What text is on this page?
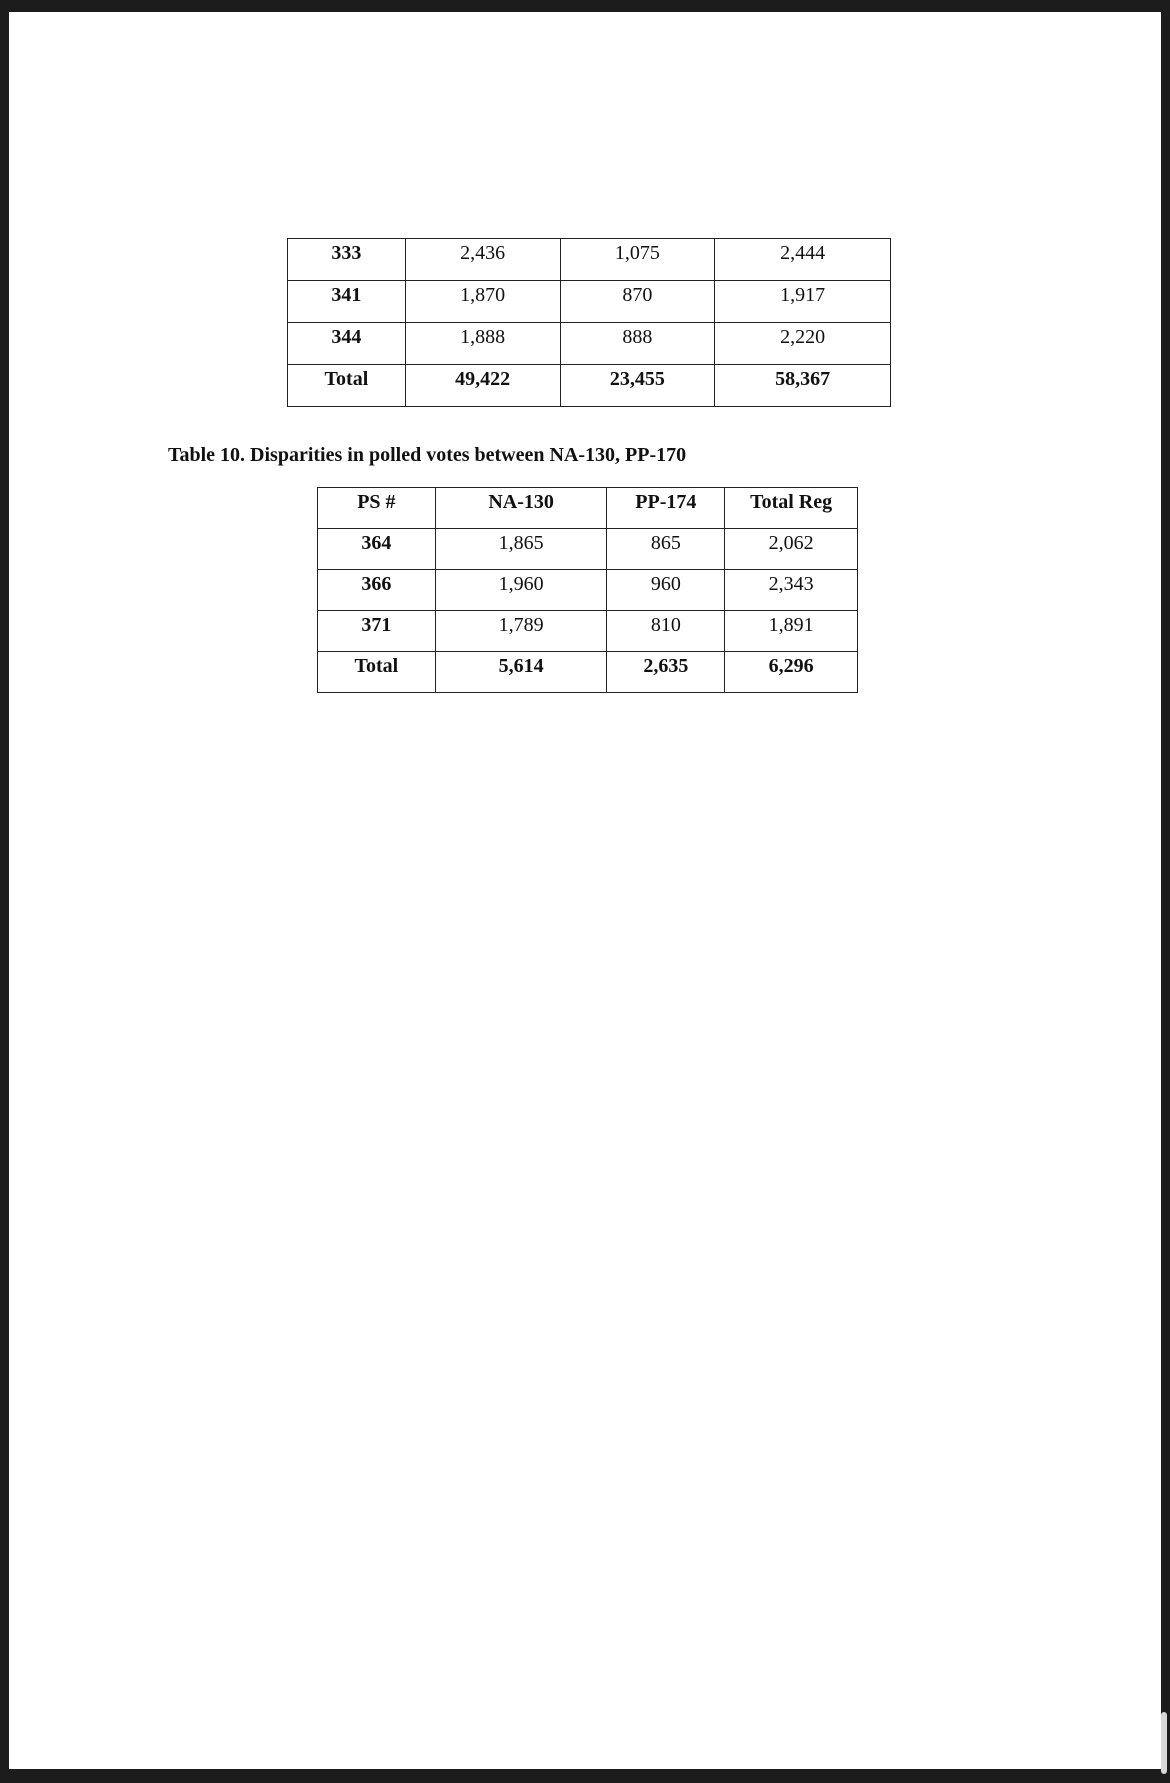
333	2,436	1,075	2,444
341	1,870	870	1,917
344	1,888	888	2,220
Total	49,422	23,455	58,367
Table 10. Disparities in polled votes between NA-130, PP-170
PS #	NA-130	PP-174	Total Reg
364	1,865	865	2,062
366	1,960	960	2,343
371	1,789	810	1,891
Total	5,614	2,635	6,296
